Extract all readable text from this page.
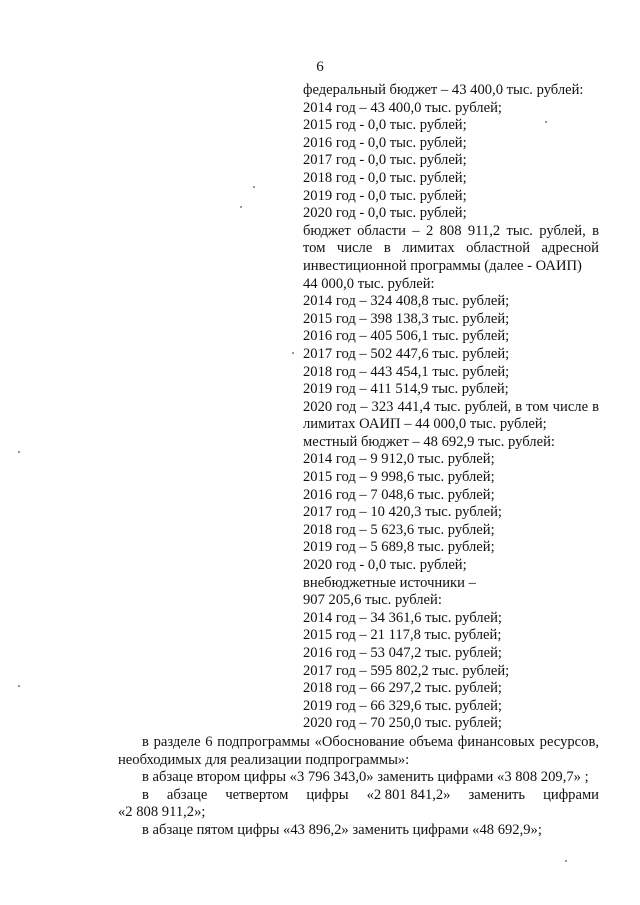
6
федеральный бюджет – 43 400,0 тыс. рублей:
2014 год – 43 400,0 тыс. рублей;
2015 год - 0,0 тыс. рублей;
2016 год - 0,0 тыс. рублей;
2017 год - 0,0 тыс. рублей;
2018 год - 0,0 тыс. рублей;
2019 год - 0,0 тыс. рублей;
2020 год - 0,0 тыс. рублей;
бюджет области – 2 808 911,2 тыс. рублей, в том числе в лимитах областной адресной инвестиционной программы (далее - ОАИП)
44 000,0 тыс. рублей:
2014 год – 324 408,8 тыс. рублей;
2015 год – 398 138,3 тыс. рублей;
2016 год – 405 506,1 тыс. рублей;
2017 год – 502 447,6 тыс. рублей;
2018 год – 443 454,1 тыс. рублей;
2019 год – 411 514,9 тыс. рублей;
2020 год – 323 441,4 тыс. рублей, в том числе в лимитах ОАИП – 44 000,0 тыс. рублей;
местный бюджет – 48 692,9 тыс. рублей:
2014 год – 9 912,0 тыс. рублей;
2015 год – 9 998,6 тыс. рублей;
2016 год – 7 048,6 тыс. рублей;
2017 год – 10 420,3 тыс. рублей;
2018 год – 5 623,6 тыс. рублей;
2019 год – 5 689,8 тыс. рублей;
2020 год - 0,0 тыс. рублей;
внебюджетные источники –
907 205,6 тыс. рублей:
2014 год – 34 361,6 тыс. рублей;
2015 год – 21 117,8 тыс. рублей;
2016 год – 53 047,2 тыс. рублей;
2017 год – 595 802,2 тыс. рублей;
2018 год – 66 297,2 тыс. рублей;
2019 год – 66 329,6 тыс. рублей;
2020 год – 70 250,0 тыс. рублей;

в разделе 6 подпрограммы «Обоснование объема финансовых ресурсов, необходимых для реализации подпрограммы»:

в абзаце втором цифры «3 796 343,0» заменить цифрами «3 808 209,7» ;

в абзаце четвертом цифры «2 801 841,2» заменить цифрами

«2 808 911,2»;

в абзаце пятом цифры «43 896,2» заменить цифрами «48 692,9»;
